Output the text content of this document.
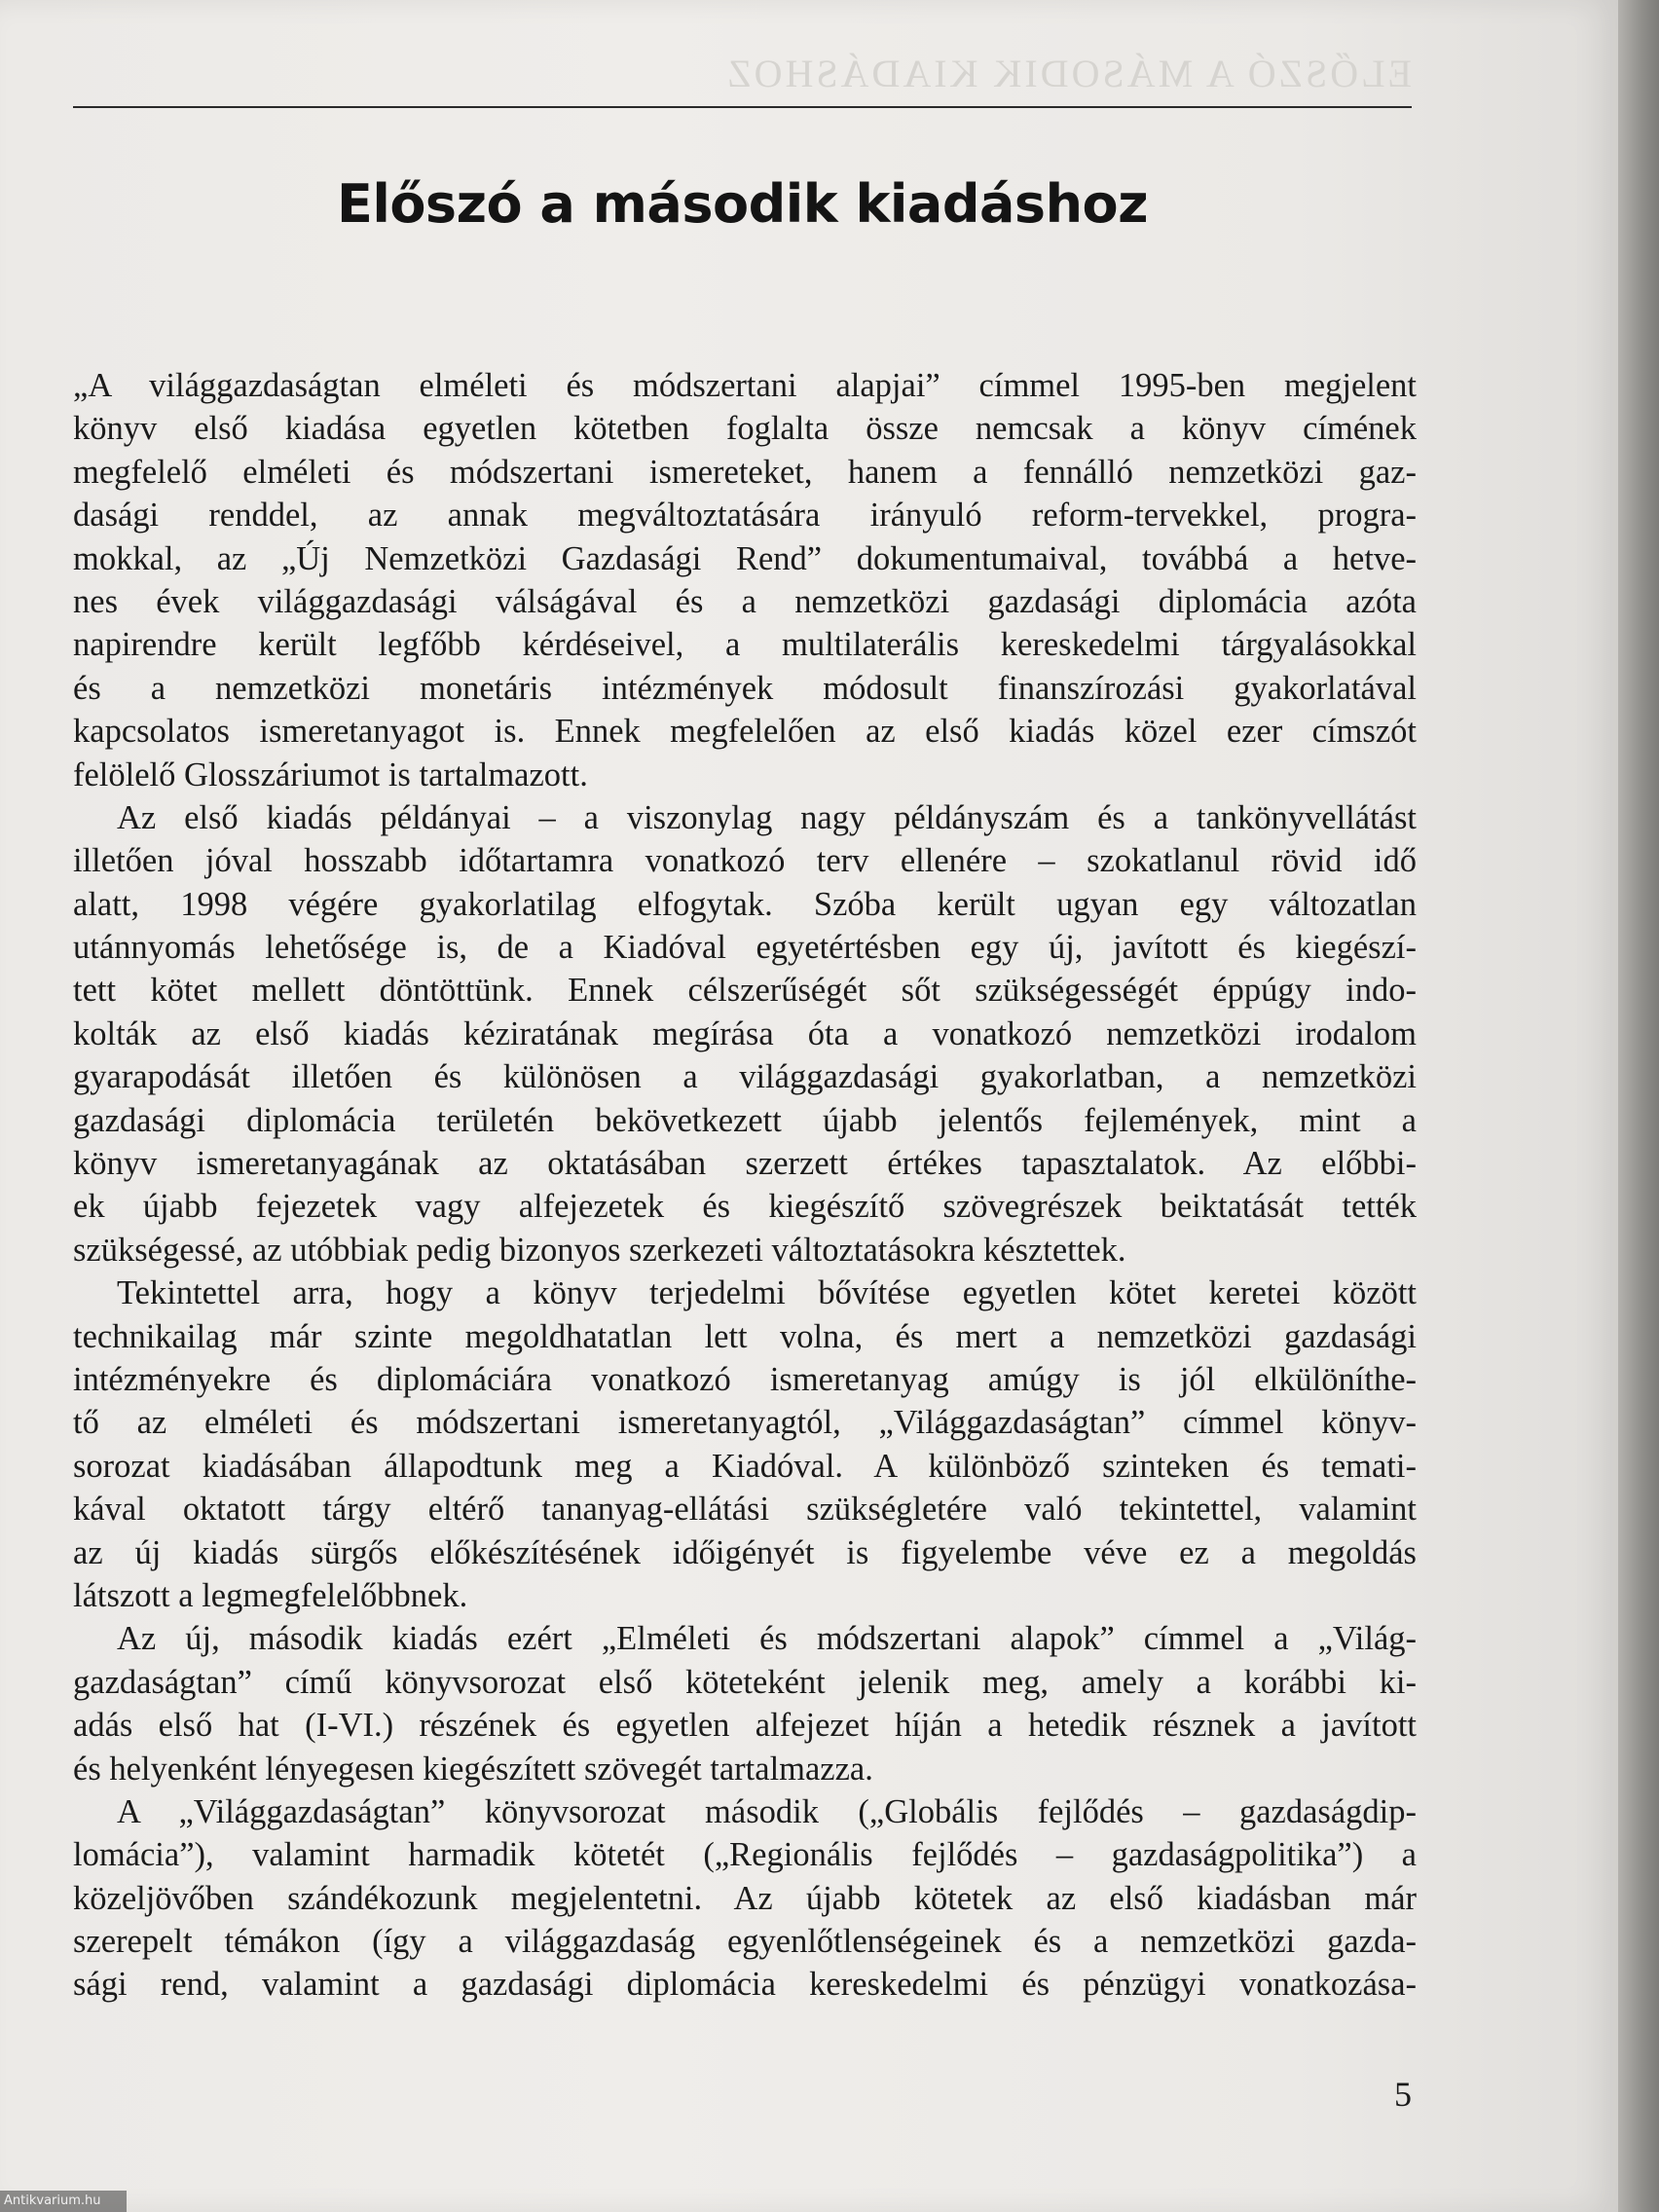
ELŐSZÓ A MÁSODIK KIADÁSHOZ
Előszó a második kiadáshoz
„A világgazdaságtan elméleti és módszertani alapjai” címmel 1995-ben megjelent
könyv első kiadása egyetlen kötetben foglalta össze nemcsak a könyv címének
megfelelő elméleti és módszertani ismereteket, hanem a fennálló nemzetközi gaz-
dasági renddel, az annak megváltoztatására irányuló reform-tervekkel, progra-
mokkal, az „Új Nemzetközi Gazdasági Rend” dokumentumaival, továbbá a hetve-
nes évek világgazdasági válságával és a nemzetközi gazdasági diplomácia azóta
napirendre került legfőbb kérdéseivel, a multilaterális kereskedelmi tárgyalásokkal
és a nemzetközi monetáris intézmények módosult finanszírozási gyakorlatával
kapcsolatos ismeretanyagot is. Ennek megfelelően az első kiadás közel ezer címszót
felölelő Glosszáriumot is tartalmazott.
Az első kiadás példányai – a viszonylag nagy példányszám és a tankönyvellátást
illetően jóval hosszabb időtartamra vonatkozó terv ellenére – szokatlanul rövid idő
alatt, 1998 végére gyakorlatilag elfogytak. Szóba került ugyan egy változatlan
utánnyomás lehetősége is, de a Kiadóval egyetértésben egy új, javított és kiegészí-
tett kötet mellett döntöttünk. Ennek célszerűségét sőt szükségességét éppúgy indo-
kolták az első kiadás kéziratának megírása óta a vonatkozó nemzetközi irodalom
gyarapodását illetően és különösen a világgazdasági gyakorlatban, a nemzetközi
gazdasági diplomácia területén bekövetkezett újabb jelentős fejlemények, mint a
könyv ismeretanyagának az oktatásában szerzett értékes tapasztalatok. Az előbbi-
ek újabb fejezetek vagy alfejezetek és kiegészítő szövegrészek beiktatását tették
szükségessé, az utóbbiak pedig bizonyos szerkezeti változtatásokra késztettek.
Tekintettel arra, hogy a könyv terjedelmi bővítése egyetlen kötet keretei között
technikailag már szinte megoldhatatlan lett volna, és mert a nemzetközi gazdasági
intézményekre és diplomáciára vonatkozó ismeretanyag amúgy is jól elkülöníthe-
tő az elméleti és módszertani ismeretanyagtól, „Világgazdaságtan” címmel könyv-
sorozat kiadásában állapodtunk meg a Kiadóval. A különböző szinteken és temati-
kával oktatott tárgy eltérő tananyag-ellátási szükségletére való tekintettel, valamint
az új kiadás sürgős előkészítésének időigényét is figyelembe véve ez a megoldás
látszott a legmegfelelőbbnek.
Az új, második kiadás ezért „Elméleti és módszertani alapok” címmel a „Világ-
gazdaságtan” című könyvsorozat első köteteként jelenik meg, amely a korábbi ki-
adás első hat (I-VI.) részének és egyetlen alfejezet híján a hetedik résznek a javított
és helyenként lényegesen kiegészített szövegét tartalmazza.
A „Világgazdaságtan” könyvsorozat második („Globális fejlődés – gazdaságdip-
lomácia”), valamint harmadik kötetét („Regionális fejlődés – gazdaságpolitika”) a
közeljövőben szándékozunk megjelentetni. Az újabb kötetek az első kiadásban már
szerepelt témákon (így a világgazdaság egyenlőtlenségeinek és a nemzetközi gazda-
sági rend, valamint a gazdasági diplomácia kereskedelmi és pénzügyi vonatkozása-
5
Antikvarium.hu
